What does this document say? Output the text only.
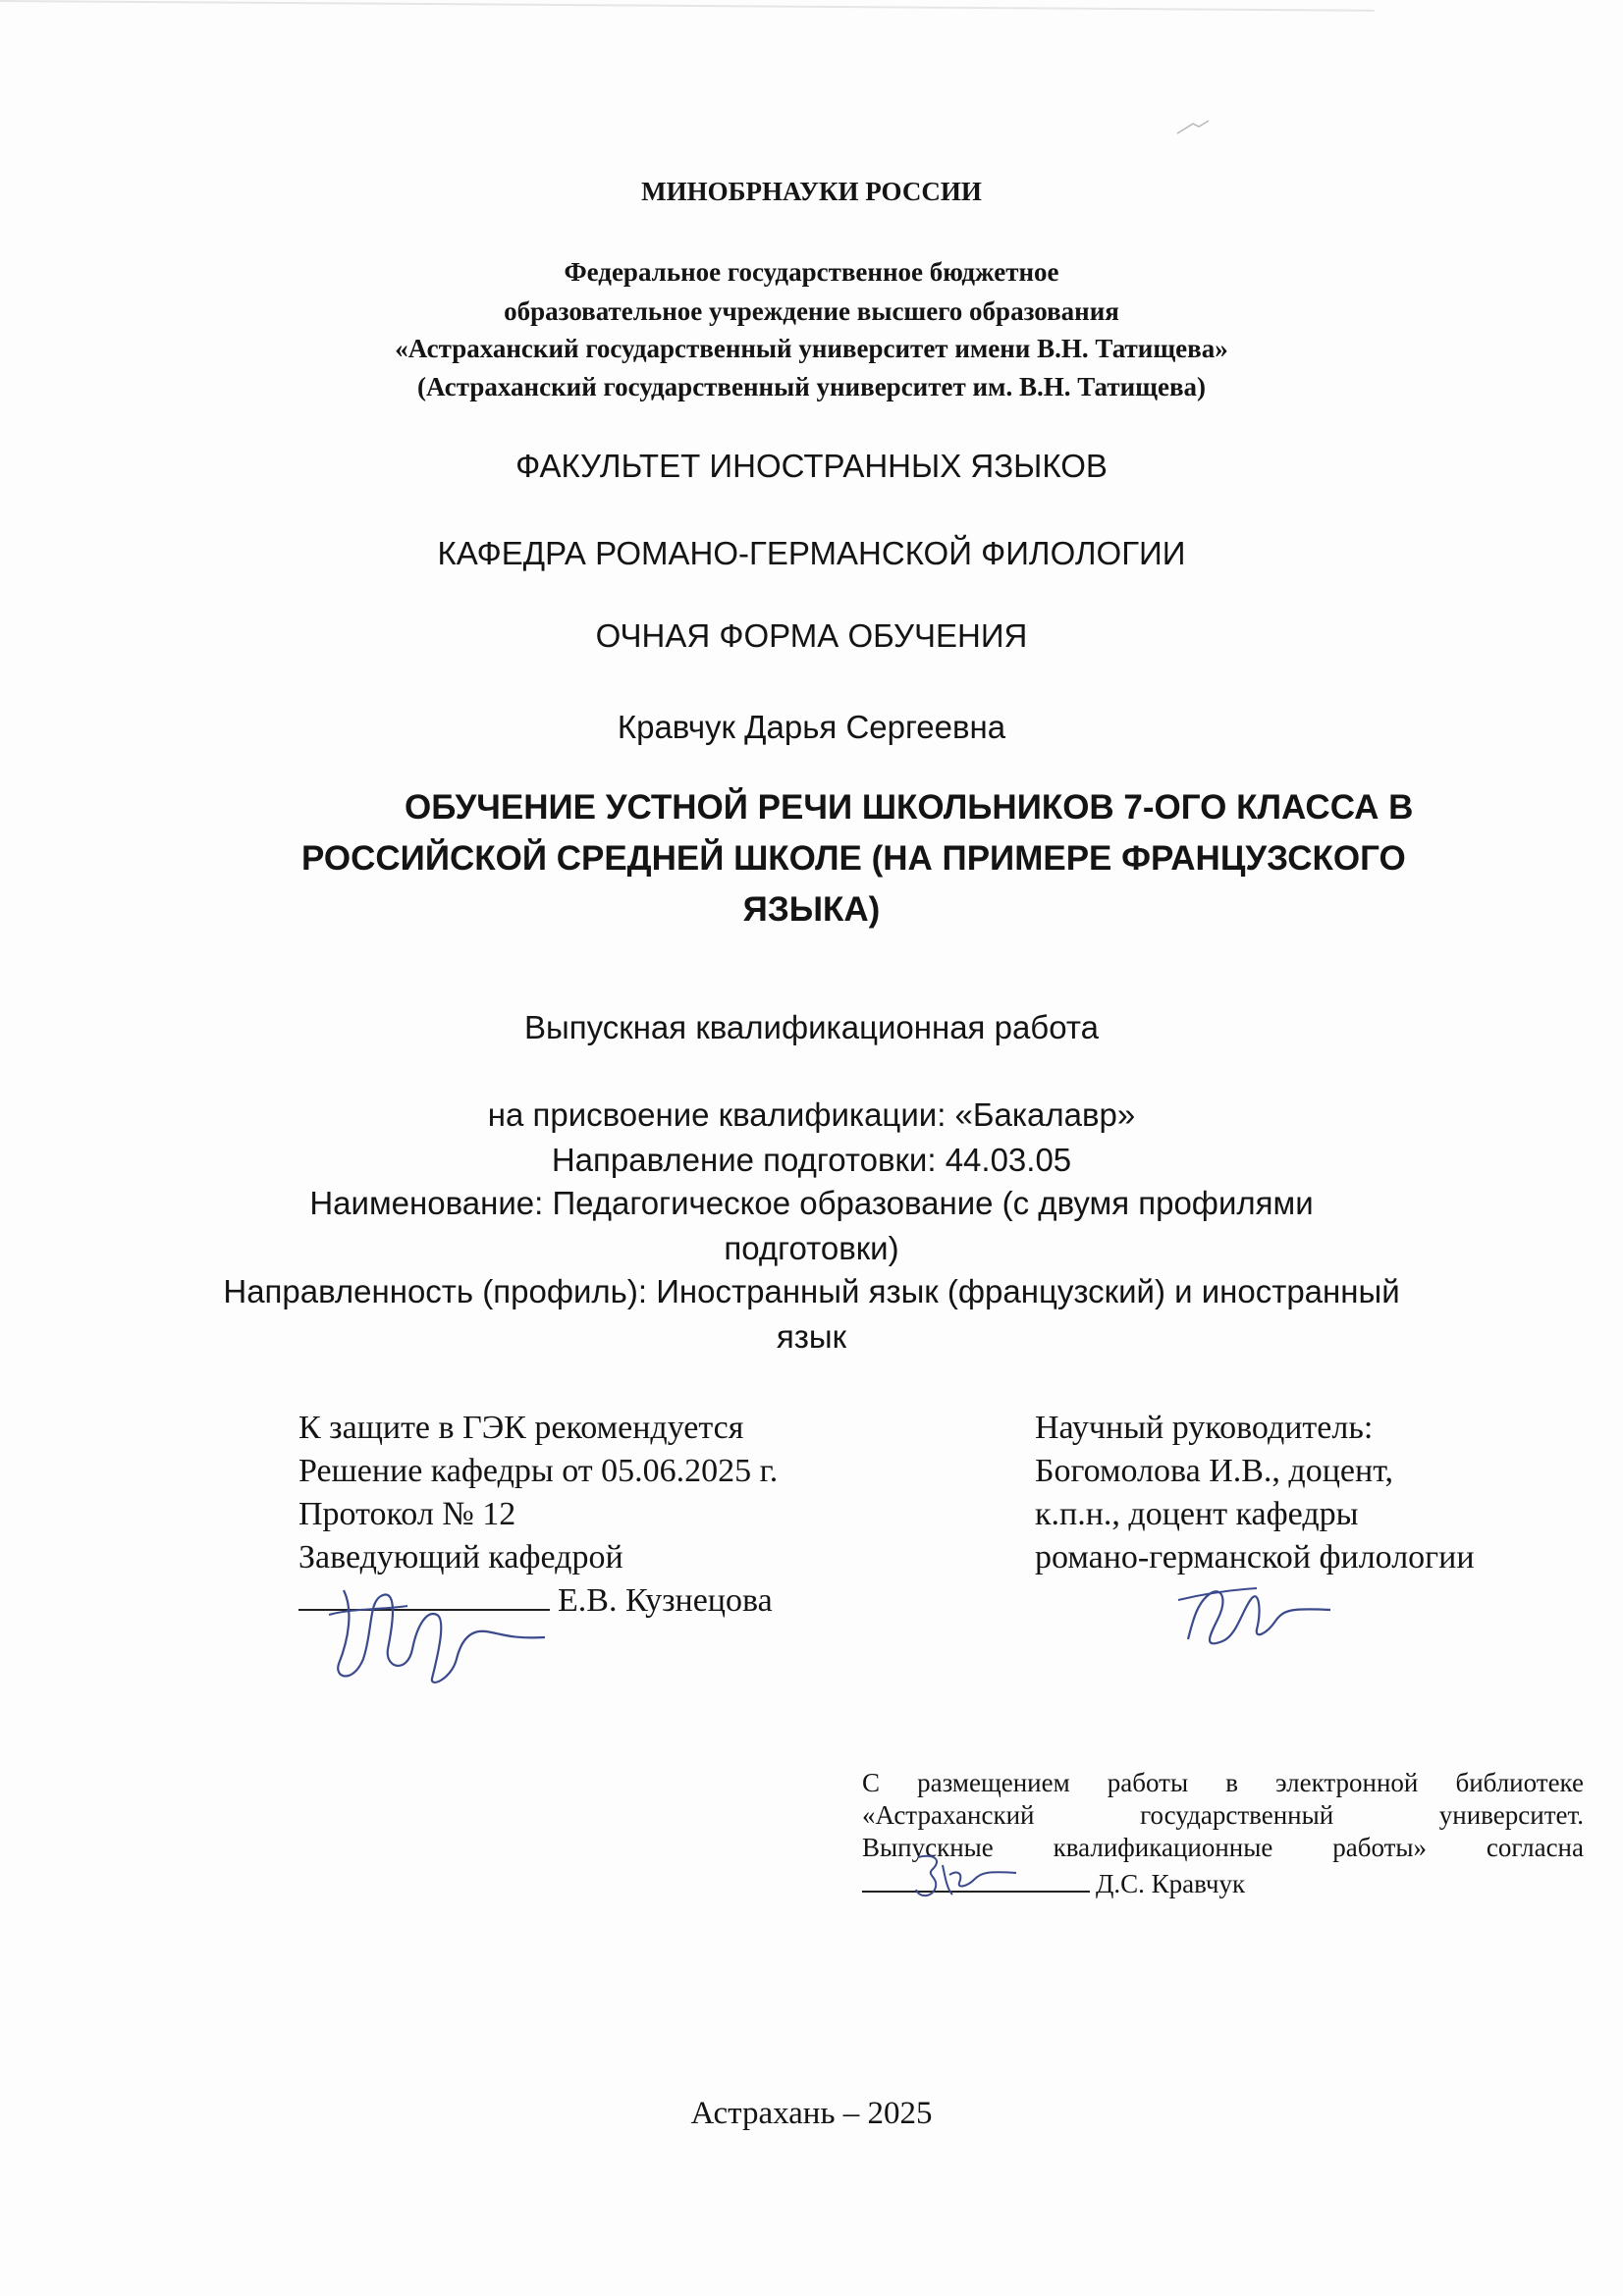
МИНОБРНАУКИ РОССИИ

Федеральное государственное бюджетное

образовательное учреждение высшего образования

«Астраханский государственный университет имени В.Н. Татищева»

(Астраханский государственный университет им. В.Н. Татищева)

ФАКУЛЬТЕТ ИНОСТРАННЫХ ЯЗЫКОВ

КАФЕДРА РОМАНО-ГЕРМАНСКОЙ ФИЛОЛОГИИ

ОЧНАЯ ФОРМА ОБУЧЕНИЯ

Кравчук Дарья Сергеевна

ОБУЧЕНИЕ УСТНОЙ РЕЧИ ШКОЛЬНИКОВ 7-ОГО КЛАССА В

РОССИЙСКОЙ СРЕДНЕЙ ШКОЛЕ (НА ПРИМЕРЕ ФРАНЦУЗСКОГО

ЯЗЫКА)

Выпускная квалификационная работа

на присвоение квалификации: «Бакалавр»

Направление подготовки: 44.03.05

Наименование: Педагогическое образование (с двумя профилями

подготовки)

Направленность (профиль): Иностранный язык (французский) и иностранный

язык

К защите в ГЭК рекомендуется
Решение кафедры от 05.06.2025 г.
Протокол № 12
Заведующий кафедрой
Е.В. Кузнецова
Научный руководитель:
Богомолова И.В., доцент,
к.п.н., доцент кафедры
романо-германской филологии

С размещением работы в электронной библиотеке

«Астраханский государственный университет.

Выпускные квалификационные работы» согласна

Д.С. Кравчук

Астрахань – 2025
